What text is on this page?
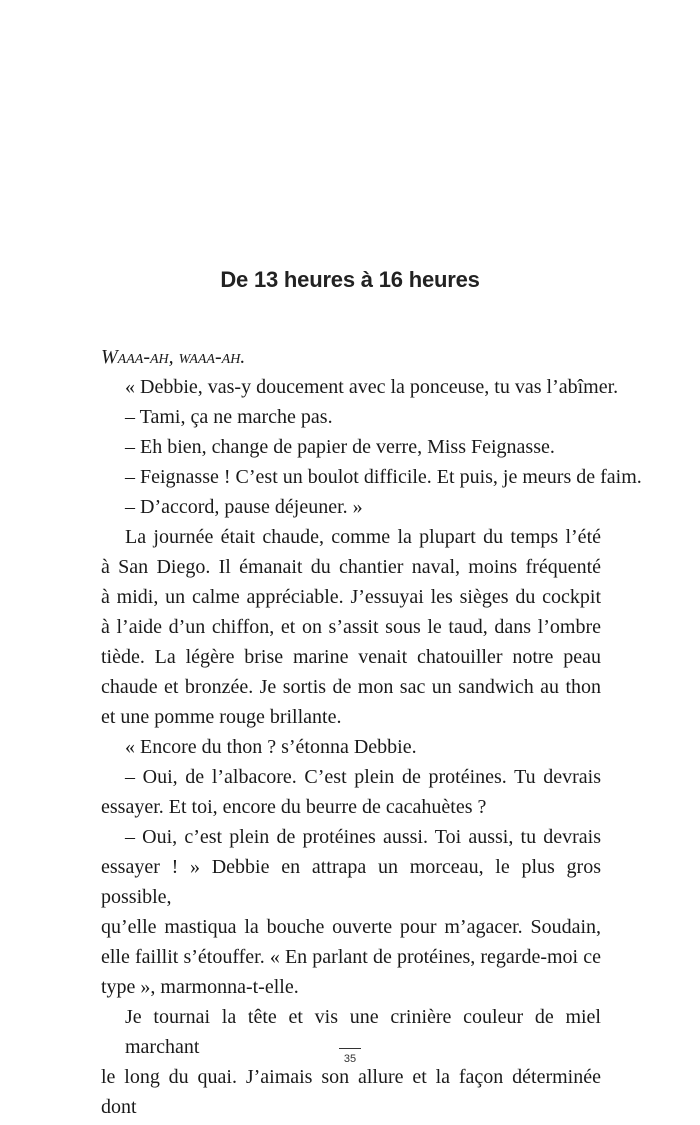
De 13 heures à 16 heures
Waaa-ah, waaa-ah.
« Debbie, vas-y doucement avec la ponceuse, tu vas l’abîmer.
– Tami, ça ne marche pas.
– Eh bien, change de papier de verre, Miss Feignasse.
– Feignasse ! C’est un boulot difficile. Et puis, je meurs de faim.
– D’accord, pause déjeuner. »
La journée était chaude, comme la plupart du temps l’été
à San Diego. Il émanait du chantier naval, moins fréquenté
à midi, un calme appréciable. J’essuyai les sièges du cockpit
à l’aide d’un chiffon, et on s’assit sous le taud, dans l’ombre
tiède. La légère brise marine venait chatouiller notre peau
chaude et bronzée. Je sortis de mon sac un sandwich au thon
et une pomme rouge brillante.
« Encore du thon ? s’étonna Debbie.
– Oui, de l’albacore. C’est plein de protéines. Tu devrais
essayer. Et toi, encore du beurre de cacahuètes ?
– Oui, c’est plein de protéines aussi. Toi aussi, tu devrais
essayer ! » Debbie en attrapa un morceau, le plus gros possible,
qu’elle mastiqua la bouche ouverte pour m’agacer. Soudain,
elle faillit s’étouffer. « En parlant de protéines, regarde-moi ce
type », marmonna-t-elle.
Je tournai la tête et vis une crinière couleur de miel marchant
le long du quai. J’aimais son allure et la façon déterminée dont
35
